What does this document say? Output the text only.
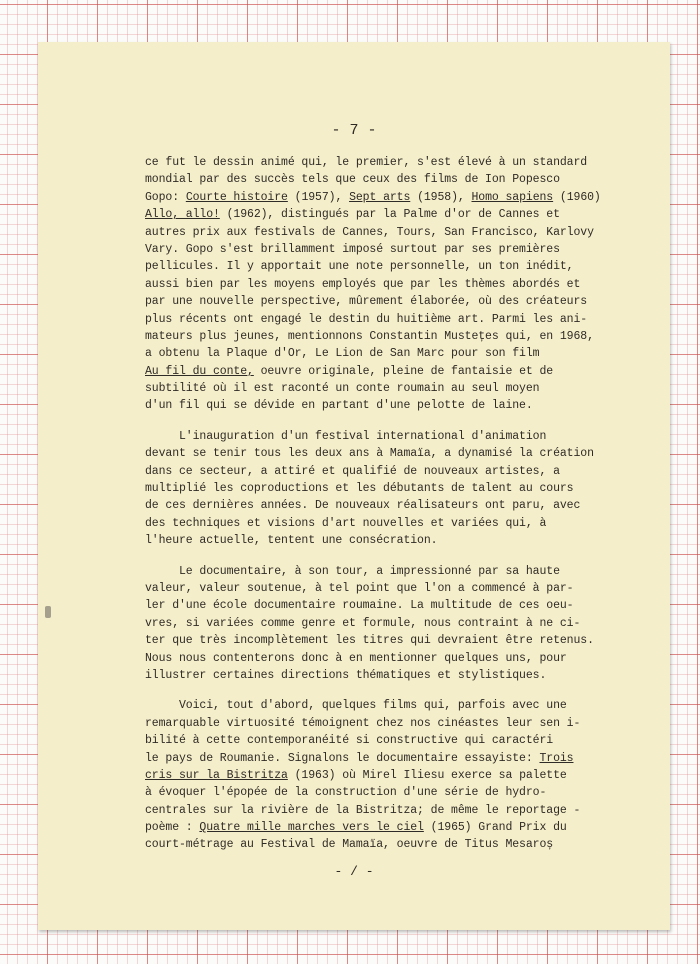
- 7 -
ce fut le dessin animé qui, le premier, s'est élevé à un standard
mondial par des succès tels que ceux des films de Ion Popesco
Gopo: Courte histoire (1957), Sept arts (1958), Homo sapiens (1960)
Allo, allo! (1962), distingués par la Palme d'or de Cannes et
autres prix aux festivals de Cannes, Tours, San Francisco, Karlovy
Vary. Gopo s'est brillamment imposé surtout par ses premières
pellicules. Il y apportait une note personnelle, un ton inédit,
aussi bien par les moyens employés que par les thèmes abordés et
par une nouvelle perspective, mûrement élaborée, où des créateurs
plus récents ont engagé le destin du huitième art. Parmi les ani-
mateurs plus jeunes, mentionnons Constantin Mustețes qui, en 1968,
a obtenu la Plaque d'Or, Le Lion de San Marc pour son film
Au fil du conte, oeuvre originale, pleine de fantaisie et de
subtilité où il est raconté un conte roumain au seul moyen
d'un fil qui se dévide en partant d'une pelotte de laine.
L'inauguration d'un festival international d'animation
devant se tenir tous les deux ans à Mamaïa, a dynamisé la création
dans ce secteur, a attiré et qualifié de nouveaux artistes, a
multiplié les coproductions et les débutants de talent au cours
de ces dernières années. De nouveaux réalisateurs ont paru, avec
des techniques et visions d'art nouvelles et variées qui, à
l'heure actuelle, tentent une consécration.
Le documentaire, à son tour, a impressionné par sa haute
valeur, valeur soutenue, à tel point que l'on a commencé à par-
ler d'une école documentaire roumaine. La multitude de ces oeu-
vres, si variées comme genre et formule, nous contraint à ne ci-
ter que très incomplètement les titres qui devraient être retenus.
Nous nous contenterons donc à en mentionner quelques uns, pour
illustrer certaines directions thématiques et stylistiques.
Voici, tout d'abord, quelques films qui, parfois avec une
remarquable virtuosité témoignent chez nos cinéastes leur sen i-
bilité à cette contemporanéité si constructive qui caractéri
le pays de Roumanie. Signalons le documentaire essayiste: Trois
cris sur la Bistritza (1963) où Mirel Iliesu exerce sa palette
à évoquer l'épopée de la construction d'une série de hydro-
centrales sur la rivière de la Bistritza; de même le reportage -
poème : Quatre mille marches vers le ciel (1965) Grand Prix du
court-métrage au Festival de Mamaïa, oeuvre de Titus Mesaroș
- / -
